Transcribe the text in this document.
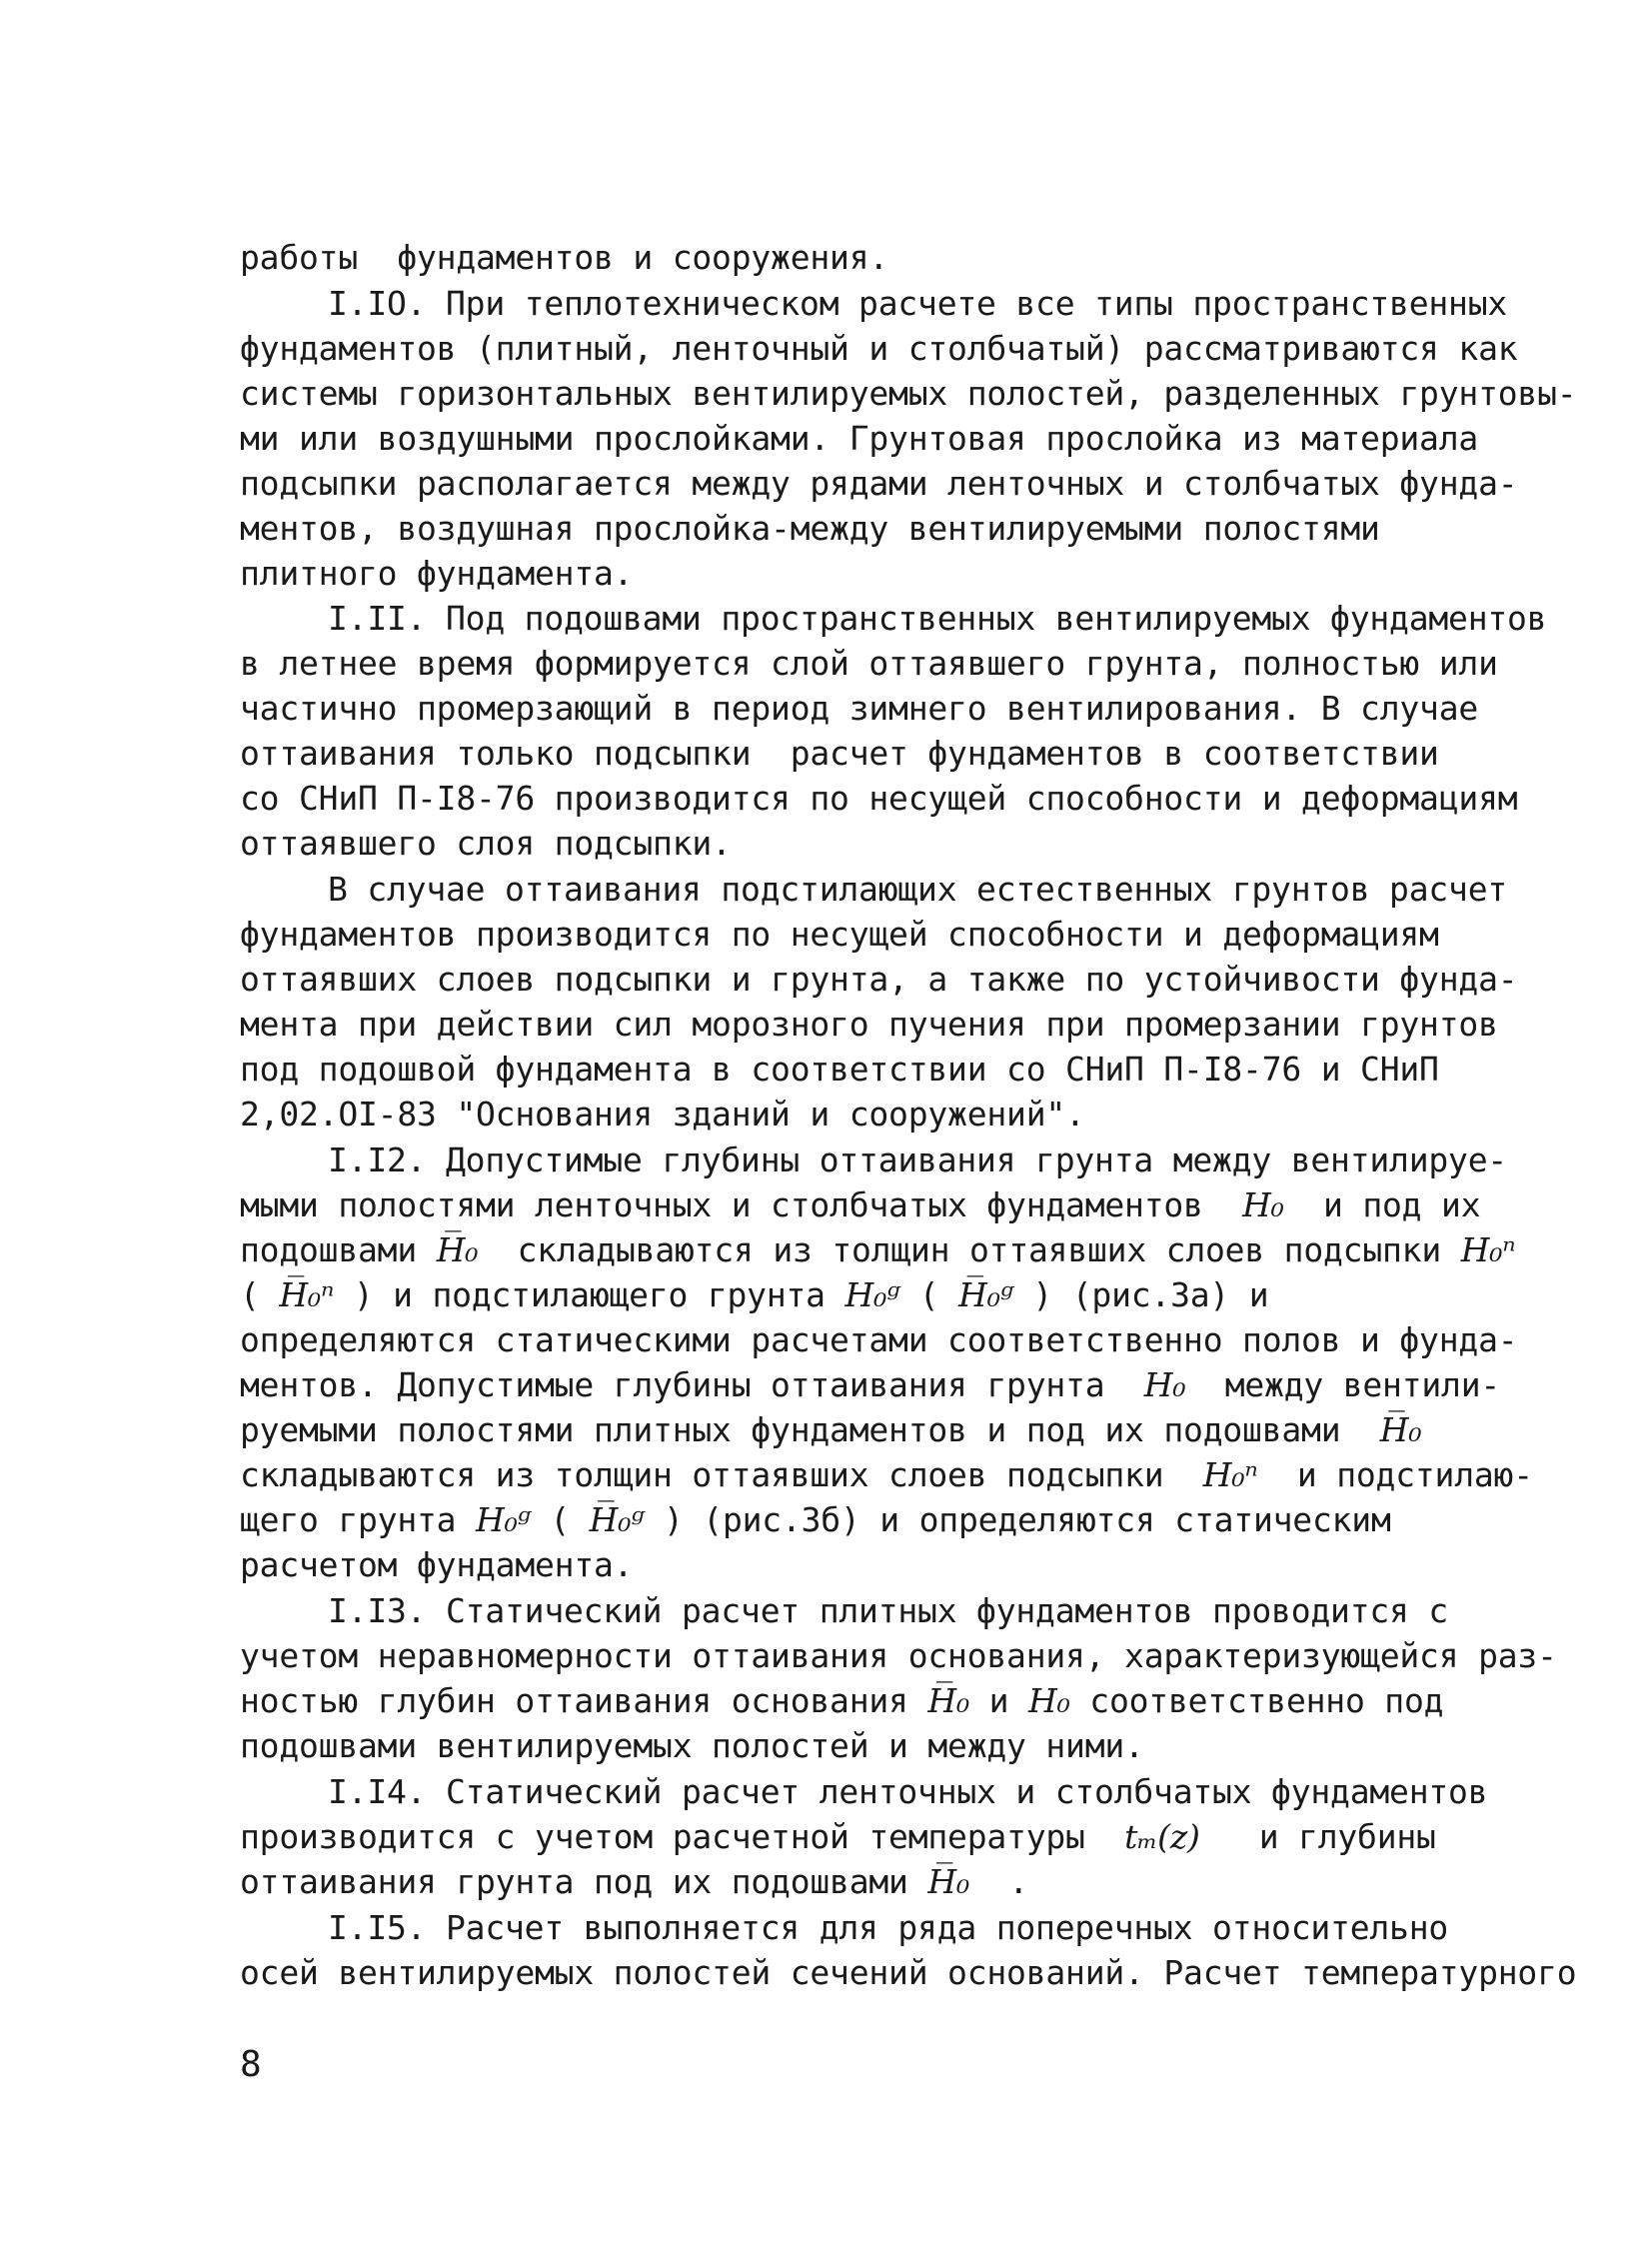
работы  фундаментов и сооружения.
I.IO. При теплотехническом расчете все типы пространственных
фундаментов (плитный, ленточный и столбчатый) рассматриваются как
системы горизонтальных вентилируемых полостей, разделенных грунтовы-
ми или воздушными прослойками. Грунтовая прослойка из материала
подсыпки располагается между рядами ленточных и столбчатых фунда-
ментов, воздушная прослойка-между вентилируемыми полостями
плитного фундамента.
I.II. Под подошвами пространственных вентилируемых фундаментов
в летнее время формируется слой оттаявшего грунта, полностью или
частично промерзающий в период зимнего вентилирования. В случае
оттаивания только подсыпки  расчет фундаментов в соответствии
со СНиП П-I8-76 производится по несущей способности и деформациям
оттаявшего слоя подсыпки.
В случае оттаивания подстилающих естественных грунтов расчет
фундаментов производится по несущей способности и деформациям
оттаявших слоев подсыпки и грунта, а также по устойчивости фунда-
мента при действии сил морозного пучения при промерзании грунтов
под подошвой фундамента в соответствии со СНиП П-I8-76 и СНиП
2,02.OI-83 "Основания зданий и сооружений".
I.I2. Допустимые глубины оттаивания грунта между вентилируе-
мыми полостями ленточных и столбчатых фундаментов H₀ и под их
подошвами H̅₀ складываются из толщин оттаявших слоев подсыпки H₀ⁿ
( H̅₀ⁿ ) и подстилающего грунта H₀ᵍ ( H̅₀ᵍ ) (рис.3а) и
определяются статическими расчетами соответственно полов и фунда-
ментов. Допустимые глубины оттаивания грунта H₀ между вентили-
руемыми полостями плитных фундаментов и под их подошвами H̅₀
складываются из толщин оттаявших слоев подсыпки H₀ⁿ и подстилаю-
щего грунта H₀ᵍ ( H̅₀ᵍ ) (рис.3б) и определяются статическим
расчетом фундамента.
I.I3. Статический расчет плитных фундаментов проводится с
учетом неравномерности оттаивания основания, характеризующейся раз-
ностью глубин оттаивания основания H̅₀ и H₀ соответственно под
подошвами вентилируемых полостей и между ними.
I.I4. Статический расчет ленточных и столбчатых фундаментов
производится с учетом расчетной температуры tₘ(z) и глубины
оттаивания грунта под их подошвами H̅₀ .
I.I5. Расчет выполняется для ряда поперечных относительно
осей вентилируемых полостей сечений оснований. Расчет температурного
8
